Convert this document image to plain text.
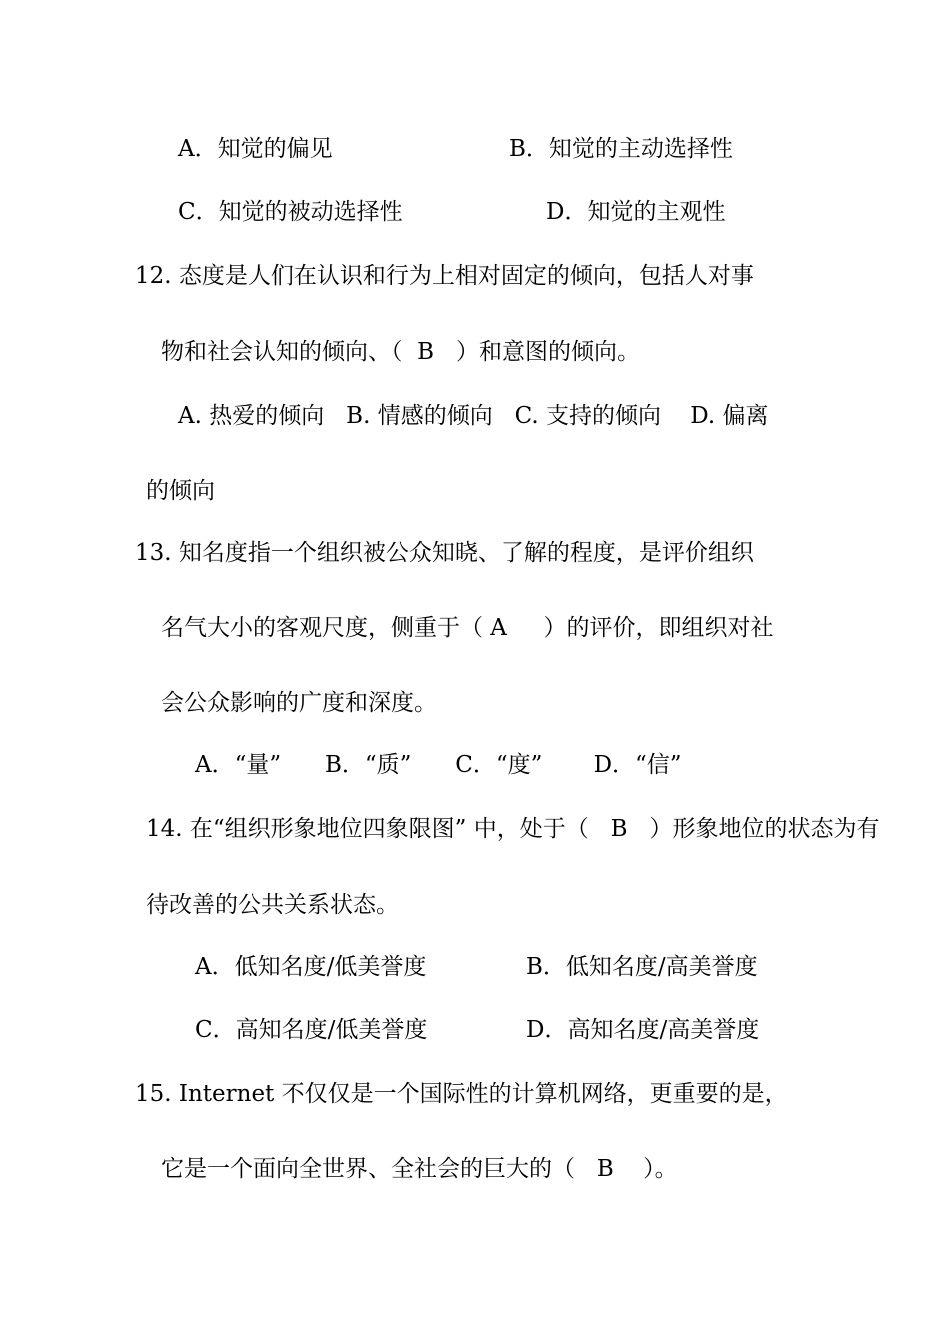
A．知觉的偏见	B．知觉的主动选择性

C．知觉的被动选择性	D．知觉的主观性

12. 态度是人们在认识和行为上相对固定的倾向，包括人对事

物和社会认知的倾向、（  B   ）和意图的倾向。

A. 热爱的倾向   B. 情感的倾向   C. 支持的倾向    D. 偏离

的倾向

13. 知名度指一个组织被公众知晓、了解的程度，是评价组织

名气大小的客观尺度，侧重于（ A     ）的评价，即组织对社

会公众影响的广度和深度。

A．“量”      B．“质”      C．“度”       D．“信”

14. 在“组织形象地位四象限图” 中，处于（   B   ）形象地位的状态为有

待改善的公共关系状态。

A．低知名度/低美誉度	B．低知名度/高美誉度

C．高知名度/低美誉度	D．高知名度/高美誉度

15. Internet 不仅仅是一个国际性的计算机网络，更重要的是，

它是一个面向全世界、全社会的巨大的（   B    ）。
